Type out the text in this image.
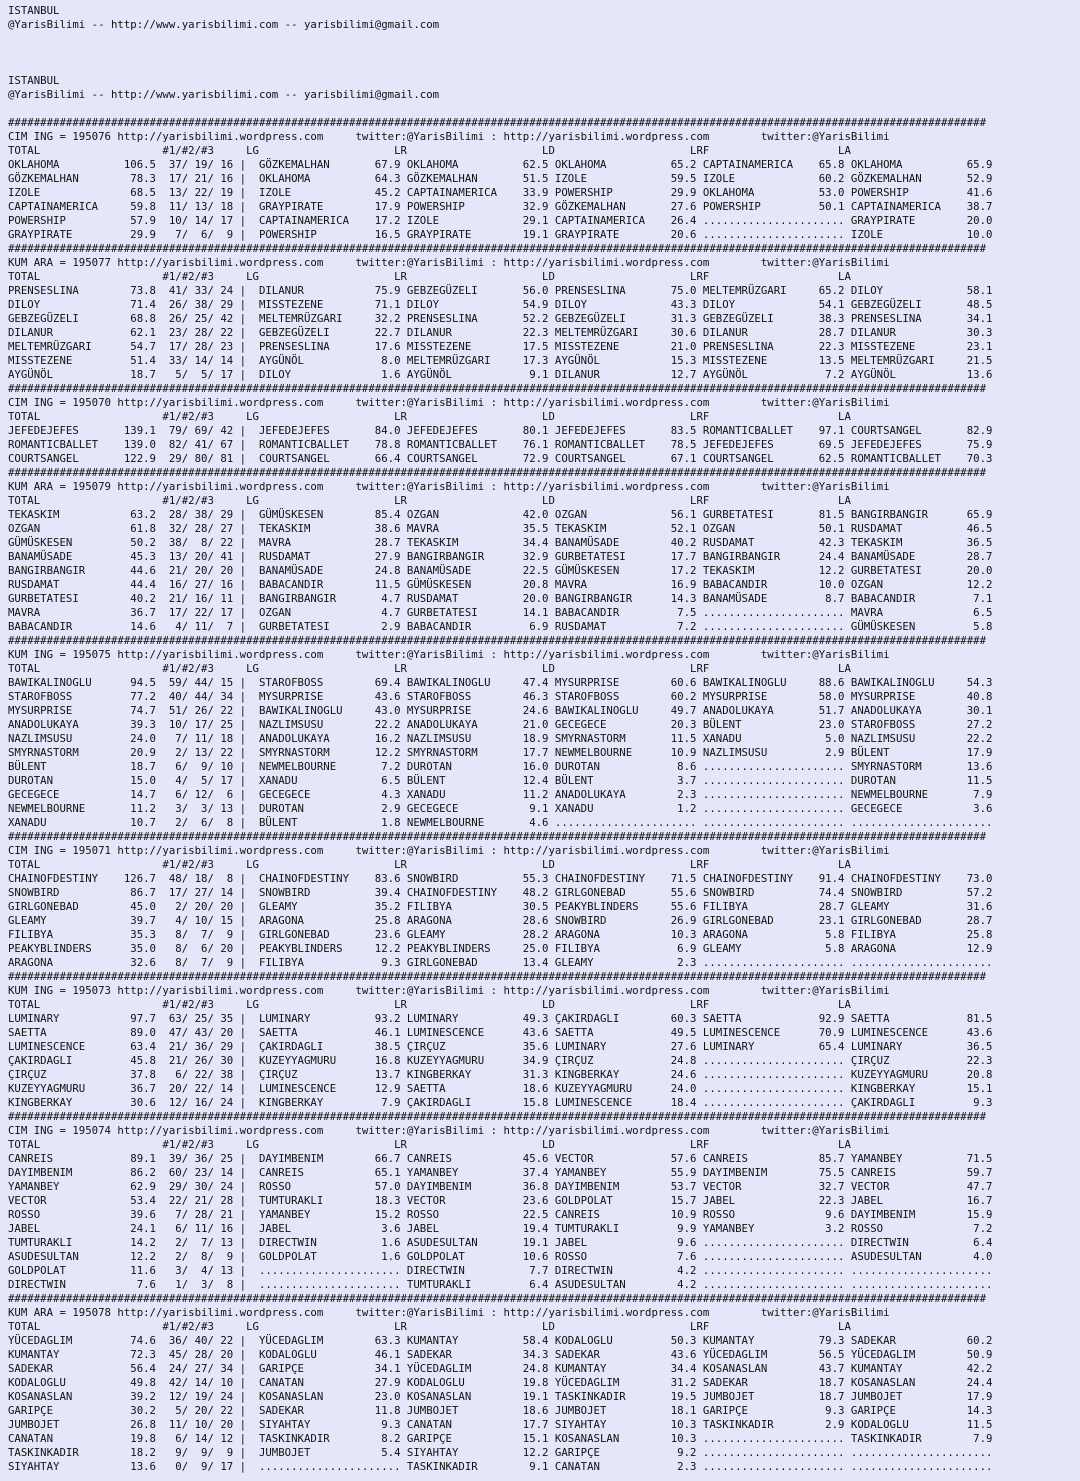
ISTANBUL
@YarisBilimi -- http://www.yarisbilimi.com -- yarisbilimi@gmail.com
ISTANBUL
@YarisBilimi -- http://www.yarisbilimi.com -- yarisbilimi@gmail.com
########################################################################################################################################################
CIM ING = 195076 http://yarisbilimi.wordpress.com     twitter:@YarisBilimi : http://yarisbilimi.wordpress.com        twitter:@YarisBilimi
TOTAL                   #1/#2/#3     LG                     LR                     LD                     LRF                    LA
OKLAHOMA          106.5  37/ 19/ 16 |  GÖZKEMALHAN       67.9 OKLAHOMA          62.5 OKLAHOMA          65.2 CAPTAINAMERICA    65.8 OKLAHOMA          65.9
GÖZKEMALHAN        78.3  17/ 21/ 16 |  OKLAHOMA          64.3 GÖZKEMALHAN       51.5 IZOLE             59.5 IZOLE             60.2 GÖZKEMALHAN       52.9
IZOLE              68.5  13/ 22/ 19 |  IZOLE             45.2 CAPTAINAMERICA    33.9 POWERSHIP         29.9 OKLAHOMA          53.0 POWERSHIP         41.6
CAPTAINAMERICA     59.8  11/ 13/ 18 |  GRAYPIRATE        17.9 POWERSHIP         32.9 GÖZKEMALHAN       27.6 POWERSHIP         50.1 CAPTAINAMERICA    38.7
POWERSHIP          57.9  10/ 14/ 17 |  CAPTAINAMERICA    17.2 IZOLE             29.1 CAPTAINAMERICA    26.4 ...................... GRAYPIRATE        20.0
GRAYPIRATE         29.9   7/  6/  9 |  POWERSHIP         16.5 GRAYPIRATE        19.1 GRAYPIRATE        20.6 ...................... IZOLE             10.0
########################################################################################################################################################
KUM ARA = 195077 http://yarisbilimi.wordpress.com     twitter:@YarisBilimi : http://yarisbilimi.wordpress.com        twitter:@YarisBilimi
TOTAL                   #1/#2/#3     LG                     LR                     LD                     LRF                    LA
PRENSESLINA        73.8  41/ 33/ 24 |  DILANUR           75.9 GEBZEGÜZELI       56.0 PRENSESLINA       75.0 MELTEMRÜZGARI     65.2 DILOY             58.1
DILOY              71.4  26/ 38/ 29 |  MISSTEZENE        71.1 DILOY             54.9 DILOY             43.3 DILOY             54.1 GEBZEGÜZELI       48.5
GEBZEGÜZELI        68.8  26/ 25/ 42 |  MELTEMRÜZGARI     32.2 PRENSESLINA       52.2 GEBZEGÜZELI       31.3 GEBZEGÜZELI       38.3 PRENSESLINA       34.1
DILANUR            62.1  23/ 28/ 22 |  GEBZEGÜZELI       22.7 DILANUR           22.3 MELTEMRÜZGARI     30.6 DILANUR           28.7 DILANUR           30.3
MELTEMRÜZGARI      54.7  17/ 28/ 23 |  PRENSESLINA       17.6 MISSTEZENE        17.5 MISSTEZENE        21.0 PRENSESLINA       22.3 MISSTEZENE        23.1
MISSTEZENE         51.4  33/ 14/ 14 |  AYGÜNÖL            8.0 MELTEMRÜZGARI     17.3 AYGÜNÖL           15.3 MISSTEZENE        13.5 MELTEMRÜZGARI     21.5
AYGÜNÖL            18.7   5/  5/ 17 |  DILOY              1.6 AYGÜNÖL            9.1 DILANUR           12.7 AYGÜNÖL            7.2 AYGÜNÖL           13.6
########################################################################################################################################################
CIM ING = 195070 http://yarisbilimi.wordpress.com     twitter:@YarisBilimi : http://yarisbilimi.wordpress.com        twitter:@YarisBilimi
TOTAL                   #1/#2/#3     LG                     LR                     LD                     LRF                    LA
JEFEDEJEFES       139.1  79/ 69/ 42 |  JEFEDEJEFES       84.0 JEFEDEJEFES       80.1 JEFEDEJEFES       83.5 ROMANTICBALLET    97.1 COURTSANGEL       82.9
ROMANTICBALLET    139.0  82/ 41/ 67 |  ROMANTICBALLET    78.8 ROMANTICBALLET    76.1 ROMANTICBALLET    78.5 JEFEDEJEFES       69.5 JEFEDEJEFES       75.9
COURTSANGEL       122.9  29/ 80/ 81 |  COURTSANGEL       66.4 COURTSANGEL       72.9 COURTSANGEL       67.1 COURTSANGEL       62.5 ROMANTICBALLET    70.3
########################################################################################################################################################
KUM ARA = 195079 http://yarisbilimi.wordpress.com     twitter:@YarisBilimi : http://yarisbilimi.wordpress.com        twitter:@YarisBilimi
TOTAL                   #1/#2/#3     LG                     LR                     LD                     LRF                    LA
TEKASKIM           63.2  28/ 38/ 29 |  GÜMÜSKESEN        85.4 OZGAN             42.0 OZGAN             56.1 GURBETATESI       81.5 BANGIRBANGIR      65.9
OZGAN              61.8  32/ 28/ 27 |  TEKASKIM          38.6 MAVRA             35.5 TEKASKIM          52.1 OZGAN             50.1 RUSDAMAT          46.5
GÜMÜSKESEN         50.2  38/  8/ 22 |  MAVRA             28.7 TEKASKIM          34.4 BANAMÜSADE        40.2 RUSDAMAT          42.3 TEKASKIM          36.5
BANAMÜSADE         45.3  13/ 20/ 41 |  RUSDAMAT          27.9 BANGIRBANGIR      32.9 GURBETATESI       17.7 BANGIRBANGIR      24.4 BANAMÜSADE        28.7
BANGIRBANGIR       44.6  21/ 20/ 20 |  BANAMÜSADE        24.8 BANAMÜSADE        22.5 GÜMÜSKESEN        17.2 TEKASKIM          12.2 GURBETATESI       20.0
RUSDAMAT           44.4  16/ 27/ 16 |  BABACANDIR        11.5 GÜMÜSKESEN        20.8 MAVRA             16.9 BABACANDIR        10.0 OZGAN             12.2
GURBETATESI        40.2  21/ 16/ 11 |  BANGIRBANGIR       4.7 RUSDAMAT          20.0 BANGIRBANGIR      14.3 BANAMÜSADE         8.7 BABACANDIR         7.1
MAVRA              36.7  17/ 22/ 17 |  OZGAN              4.7 GURBETATESI       14.1 BABACANDIR         7.5 ...................... MAVRA              6.5
BABACANDIR         14.6   4/ 11/  7 |  GURBETATESI        2.9 BABACANDIR         6.9 RUSDAMAT           7.2 ...................... GÜMÜSKESEN         5.8
########################################################################################################################################################
KUM ING = 195075 http://yarisbilimi.wordpress.com     twitter:@YarisBilimi : http://yarisbilimi.wordpress.com        twitter:@YarisBilimi
TOTAL                   #1/#2/#3     LG                     LR                     LD                     LRF                    LA
BAWIKALINOGLU      94.5  59/ 44/ 15 |  STAROFBOSS        69.4 BAWIKALINOGLU     47.4 MYSURPRISE        60.6 BAWIKALINOGLU     88.6 BAWIKALINOGLU     54.3
STAROFBOSS         77.2  40/ 44/ 34 |  MYSURPRISE        43.6 STAROFBOSS        46.3 STAROFBOSS        60.2 MYSURPRISE        58.0 MYSURPRISE        40.8
MYSURPRISE         74.7  51/ 26/ 22 |  BAWIKALINOGLU     43.0 MYSURPRISE        24.6 BAWIKALINOGLU     49.7 ANADOLUKAYA       51.7 ANADOLUKAYA       30.1
ANADOLUKAYA        39.3  10/ 17/ 25 |  NAZLIMSUSU        22.2 ANADOLUKAYA       21.0 GECEGECE          20.3 BÜLENT            23.0 STAROFBOSS        27.2
NAZLIMSUSU         24.0   7/ 11/ 18 |  ANADOLUKAYA       16.2 NAZLIMSUSU        18.9 SMYRNASTORM       11.5 XANADU             5.0 NAZLIMSUSU        22.2
SMYRNASTORM        20.9   2/ 13/ 22 |  SMYRNASTORM       12.2 SMYRNASTORM       17.7 NEWMELBOURNE      10.9 NAZLIMSUSU         2.9 BÜLENT            17.9
BÜLENT             18.7   6/  9/ 10 |  NEWMELBOURNE       7.2 DUROTAN           16.0 DUROTAN            8.6 ...................... SMYRNASTORM       13.6
DUROTAN            15.0   4/  5/ 17 |  XANADU             6.5 BÜLENT            12.4 BÜLENT             3.7 ...................... DUROTAN           11.5
GECEGECE           14.7   6/ 12/  6 |  GECEGECE           4.3 XANADU            11.2 ANADOLUKAYA        2.3 ...................... NEWMELBOURNE       7.9
NEWMELBOURNE       11.2   3/  3/ 13 |  DUROTAN            2.9 GECEGECE           9.1 XANADU             1.2 ...................... GECEGECE           3.6
XANADU             10.7   2/  6/  8 |  BÜLENT             1.8 NEWMELBOURNE       4.6 ...................... ...................... ......................
########################################################################################################################################################
CIM ING = 195071 http://yarisbilimi.wordpress.com     twitter:@YarisBilimi : http://yarisbilimi.wordpress.com        twitter:@YarisBilimi
TOTAL                   #1/#2/#3     LG                     LR                     LD                     LRF                    LA
CHAINOFDESTINY    126.7  48/ 18/  8 |  CHAINOFDESTINY    83.6 SNOWBIRD          55.3 CHAINOFDESTINY    71.5 CHAINOFDESTINY    91.4 CHAINOFDESTINY    73.0
SNOWBIRD           86.7  17/ 27/ 14 |  SNOWBIRD          39.4 CHAINOFDESTINY    48.2 GIRLGONEBAD       55.6 SNOWBIRD          74.4 SNOWBIRD          57.2
GIRLGONEBAD        45.0   2/ 20/ 20 |  GLEAMY            35.2 FILIBYA           30.5 PEAKYBLINDERS     55.6 FILIBYA           28.7 GLEAMY            31.6
GLEAMY             39.7   4/ 10/ 15 |  ARAGONA           25.8 ARAGONA           28.6 SNOWBIRD          26.9 GIRLGONEBAD       23.1 GIRLGONEBAD       28.7
FILIBYA            35.3   8/  7/  9 |  GIRLGONEBAD       23.6 GLEAMY            28.2 ARAGONA           10.3 ARAGONA            5.8 FILIBYA           25.8
PEAKYBLINDERS      35.0   8/  6/ 20 |  PEAKYBLINDERS     12.2 PEAKYBLINDERS     25.0 FILIBYA            6.9 GLEAMY             5.8 ARAGONA           12.9
ARAGONA            32.6   8/  7/  9 |  FILIBYA            9.3 GIRLGONEBAD       13.4 GLEAMY             2.3 ...................... ......................
########################################################################################################################################################
KUM ING = 195073 http://yarisbilimi.wordpress.com     twitter:@YarisBilimi : http://yarisbilimi.wordpress.com        twitter:@YarisBilimi
TOTAL                   #1/#2/#3     LG                     LR                     LD                     LRF                    LA
LUMINARY           97.7  63/ 25/ 35 |  LUMINARY          93.2 LUMINARY          49.3 ÇAKIRDAGLI        60.3 SAETTA            92.9 SAETTA            81.5
SAETTA             89.0  47/ 43/ 20 |  SAETTA            46.1 LUMINESCENCE      43.6 SAETTA            49.5 LUMINESCENCE      70.9 LUMINESCENCE      43.6
LUMINESCENCE       63.4  21/ 36/ 29 |  ÇAKIRDAGLI        38.5 ÇIRÇUZ            35.6 LUMINARY          27.6 LUMINARY          65.4 LUMINARY          36.5
ÇAKIRDAGLI         45.8  21/ 26/ 30 |  KUZEYYAGMURU      16.8 KUZEYYAGMURU      34.9 ÇIRÇUZ            24.8 ...................... ÇIRÇUZ            22.3
ÇIRÇUZ             37.8   6/ 22/ 38 |  ÇIRÇUZ            13.7 KINGBERKAY        31.3 KINGBERKAY        24.6 ...................... KUZEYYAGMURU      20.8
KUZEYYAGMURU       36.7  20/ 22/ 14 |  LUMINESCENCE      12.9 SAETTA            18.6 KUZEYYAGMURU      24.0 ...................... KINGBERKAY        15.1
KINGBERKAY         30.6  12/ 16/ 24 |  KINGBERKAY         7.9 ÇAKIRDAGLI        15.8 LUMINESCENCE      18.4 ...................... ÇAKIRDAGLI         9.3
########################################################################################################################################################
CIM ING = 195074 http://yarisbilimi.wordpress.com     twitter:@YarisBilimi : http://yarisbilimi.wordpress.com        twitter:@YarisBilimi
TOTAL                   #1/#2/#3     LG                     LR                     LD                     LRF                    LA
CANREIS            89.1  39/ 36/ 25 |  DAYIMBENIM        66.7 CANREIS           45.6 VECTOR            57.6 CANREIS           85.7 YAMANBEY          71.5
DAYIMBENIM         86.2  60/ 23/ 14 |  CANREIS           65.1 YAMANBEY          37.4 YAMANBEY          55.9 DAYIMBENIM        75.5 CANREIS           59.7
YAMANBEY           62.9  29/ 30/ 24 |  ROSSO             57.0 DAYIMBENIM        36.8 DAYIMBENIM        53.7 VECTOR            32.7 VECTOR            47.7
VECTOR             53.4  22/ 21/ 28 |  TUMTURAKLI        18.3 VECTOR            23.6 GOLDPOLAT         15.7 JABEL             22.3 JABEL             16.7
ROSSO              39.6   7/ 28/ 21 |  YAMANBEY          15.2 ROSSO             22.5 CANREIS           10.9 ROSSO              9.6 DAYIMBENIM        15.9
JABEL              24.1   6/ 11/ 16 |  JABEL              3.6 JABEL             19.4 TUMTURAKLI         9.9 YAMANBEY           3.2 ROSSO              7.2
TUMTURAKLI         14.2   2/  7/ 13 |  DIRECTWIN          1.6 ASUDESULTAN       19.1 JABEL              9.6 ...................... DIRECTWIN          6.4
ASUDESULTAN        12.2   2/  8/  9 |  GOLDPOLAT          1.6 GOLDPOLAT         10.6 ROSSO              7.6 ...................... ASUDESULTAN        4.0
GOLDPOLAT          11.6   3/  4/ 13 |  ...................... DIRECTWIN          7.7 DIRECTWIN          4.2 ...................... ......................
DIRECTWIN           7.6   1/  3/  8 |  ...................... TUMTURAKLI         6.4 ASUDESULTAN        4.2 ...................... ......................
########################################################################################################################################################
KUM ARA = 195078 http://yarisbilimi.wordpress.com     twitter:@YarisBilimi : http://yarisbilimi.wordpress.com        twitter:@YarisBilimi
TOTAL                   #1/#2/#3     LG                     LR                     LD                     LRF                    LA
YÜCEDAGLIM         74.6  36/ 40/ 22 |  YÜCEDAGLIM        63.3 KUMANTAY          58.4 KODALOGLU         50.3 KUMANTAY          79.3 SADEKAR           60.2
KUMANTAY           72.3  45/ 28/ 20 |  KODALOGLU         46.1 SADEKAR           34.3 SADEKAR           43.6 YÜCEDAGLIM        56.5 YÜCEDAGLIM        50.9
SADEKAR            56.4  24/ 27/ 34 |  GARIPÇE           34.1 YÜCEDAGLIM        24.8 KUMANTAY          34.4 KOSANASLAN        43.7 KUMANTAY          42.2
KODALOGLU          49.8  42/ 14/ 10 |  CANATAN           27.9 KODALOGLU         19.8 YÜCEDAGLIM        31.2 SADEKAR           18.7 KOSANASLAN        24.4
KOSANASLAN         39.2  12/ 19/ 24 |  KOSANASLAN        23.0 KOSANASLAN        19.1 TASKINKADIR       19.5 JUMBOJET          18.7 JUMBOJET          17.9
GARIPÇE            30.2   5/ 20/ 22 |  SADEKAR           11.8 JUMBOJET          18.6 JUMBOJET          18.1 GARIPÇE            9.3 GARIPÇE           14.3
JUMBOJET           26.8  11/ 10/ 20 |  SIYAHTAY           9.3 CANATAN           17.7 SIYAHTAY          10.3 TASKINKADIR        2.9 KODALOGLU         11.5
CANATAN            19.8   6/ 14/ 12 |  TASKINKADIR        8.2 GARIPÇE           15.1 KOSANASLAN        10.3 ...................... TASKINKADIR        7.9
TASKINKADIR        18.2   9/  9/  9 |  JUMBOJET           5.4 SIYAHTAY          12.2 GARIPÇE            9.2 ...................... ......................
SIYAHTAY           13.6   0/  9/ 17 |  ...................... TASKINKADIR        9.1 CANATAN            2.3 ...................... ......................
